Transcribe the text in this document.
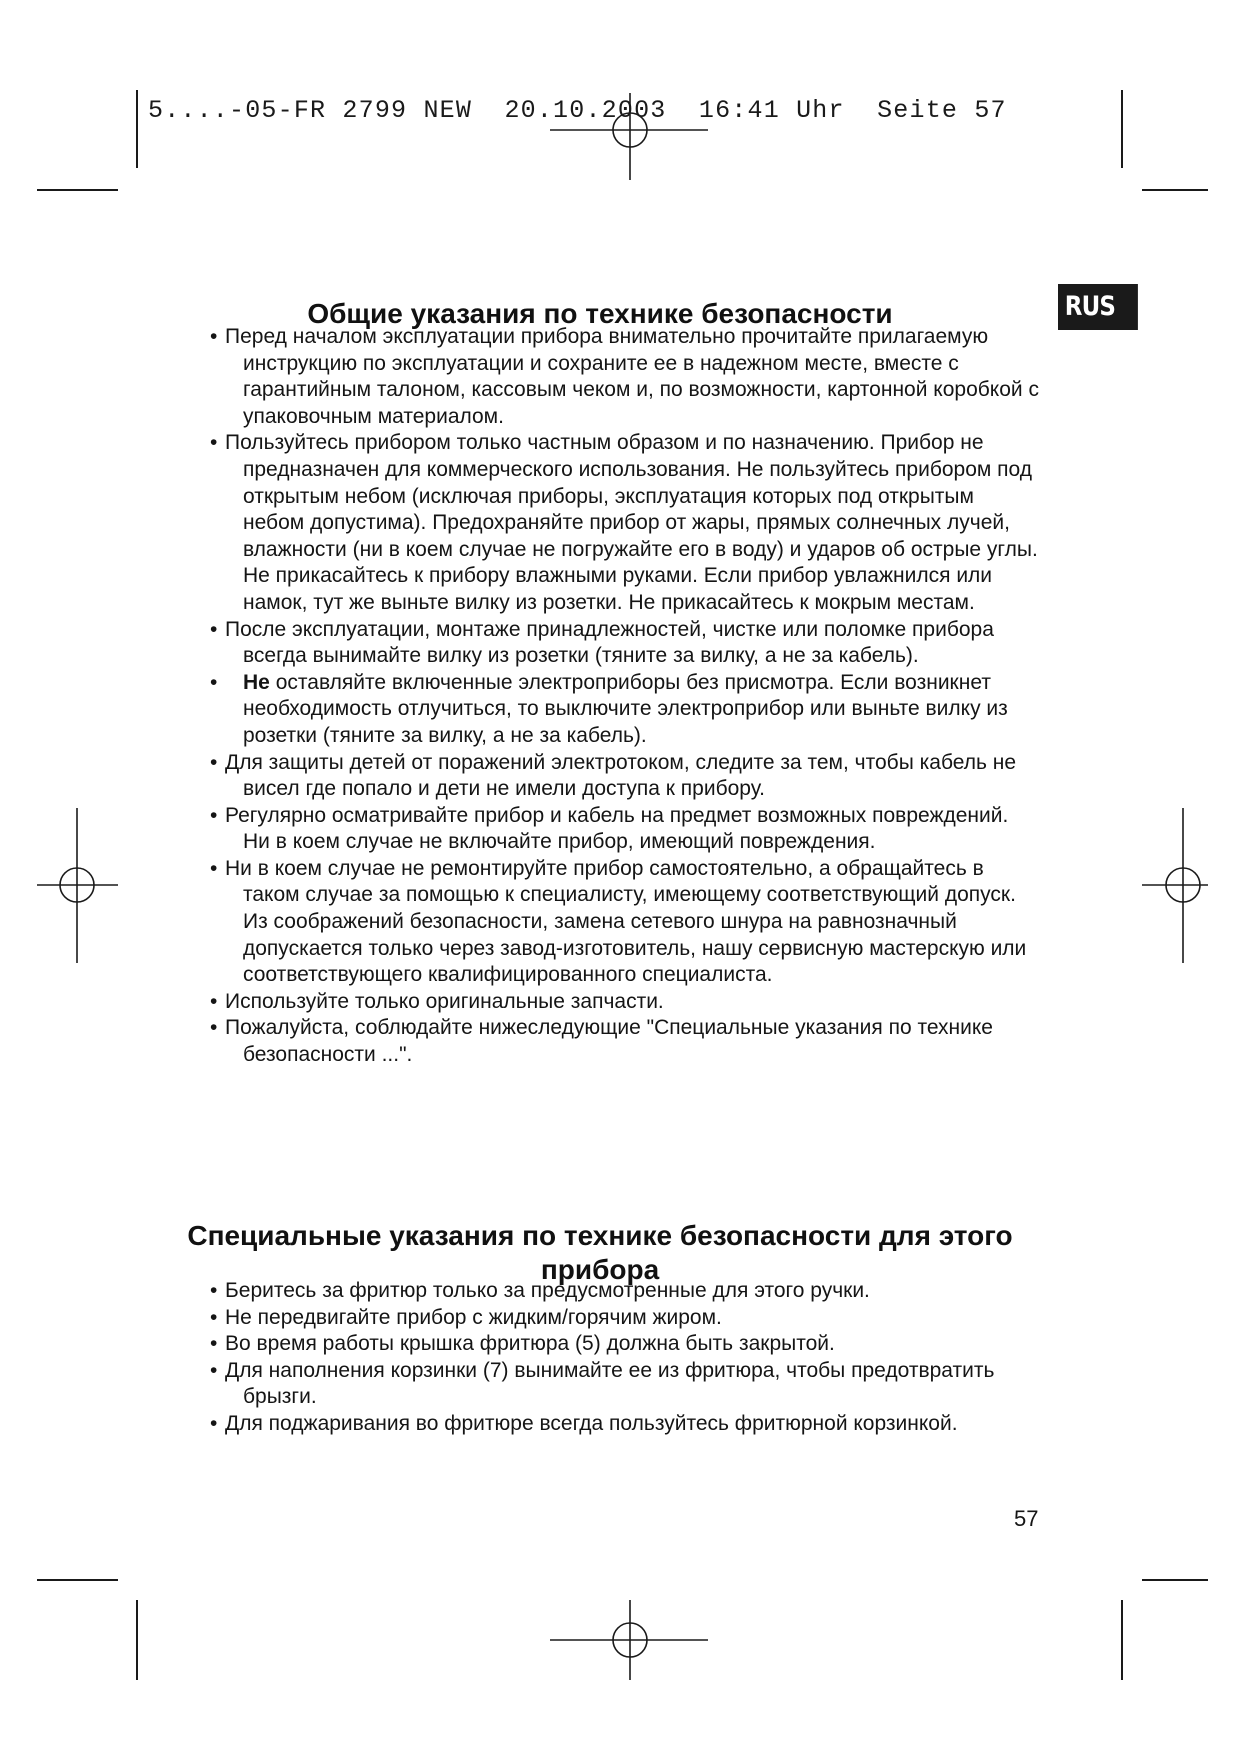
5....-05-FR 2799 NEW  20.10.2003  16:41 Uhr  Seite 57
RUS
Общие указания по технике безопасности
• Перед началом эксплуатации прибора внимательно прочитайте прилагаемую инструкцию по эксплуатации и сохраните ее в надежном месте, вместе с гарантийным талоном, кассовым чеком и, по возможности, картонной коробкой с упаковочным материалом.
• Пользуйтесь прибором только частным образом и по назначению. Прибор не предназначен для коммерческого использования. Не пользуйтесь прибором под открытым небом (исключая приборы, эксплуатация которых под открытым небом допустима). Предохраняйте прибор от жары, прямых солнечных лучей, влажности (ни в коем случае не погружайте его в воду) и ударов об острые углы. Не прикасайтесь к прибору влажными руками. Если прибор увлажнился или намок, тут же выньте вилку из розетки. Не прикасайтесь к мокрым местам.
• После эксплуатации, монтаже принадлежностей, чистке или поломке прибора всегда вынимайте вилку из розетки (тяните за вилку, а не за кабель).
• Не оставляйте включенные электроприборы без присмотра. Если возникнет необходимость отлучиться, то выключите электроприбор или выньте вилку из розетки (тяните за вилку, а не за кабель).
• Для защиты детей от поражений электротоком, следите за тем, чтобы кабель не висел где попало и дети не имели доступа к прибору.
• Регулярно осматривайте прибор и кабель на предмет возможных повреждений. Ни в коем случае не включайте прибор, имеющий повреждения.
• Ни в коем случае не ремонтируйте прибор самостоятельно, а обращайтесь в таком случае за помощью к специалисту, имеющему соответствующий допуск. Из соображений безопасности, замена сетевого шнура на равнозначный допускается только через завод-изготовитель, нашу сервисную мастерскую или соответствующего квалифицированного специалиста.
• Используйте только оригинальные запчасти.
• Пожалуйста, соблюдайте нижеследующие "Специальные указания по технике безопасности ...".
Специальные указания по технике безопасности для этого прибора
• Беритесь за фритюр только за предусмотренные для этого ручки.
• Не передвигайте прибор с жидким/горячим жиром.
• Во время работы крышка фритюра (5) должна быть закрытой.
• Для наполнения корзинки (7) вынимайте ее из фритюра, чтобы предотвратить брызги.
• Для поджаривания во фритюре всегда пользуйтесь фритюрной корзинкой.
57
